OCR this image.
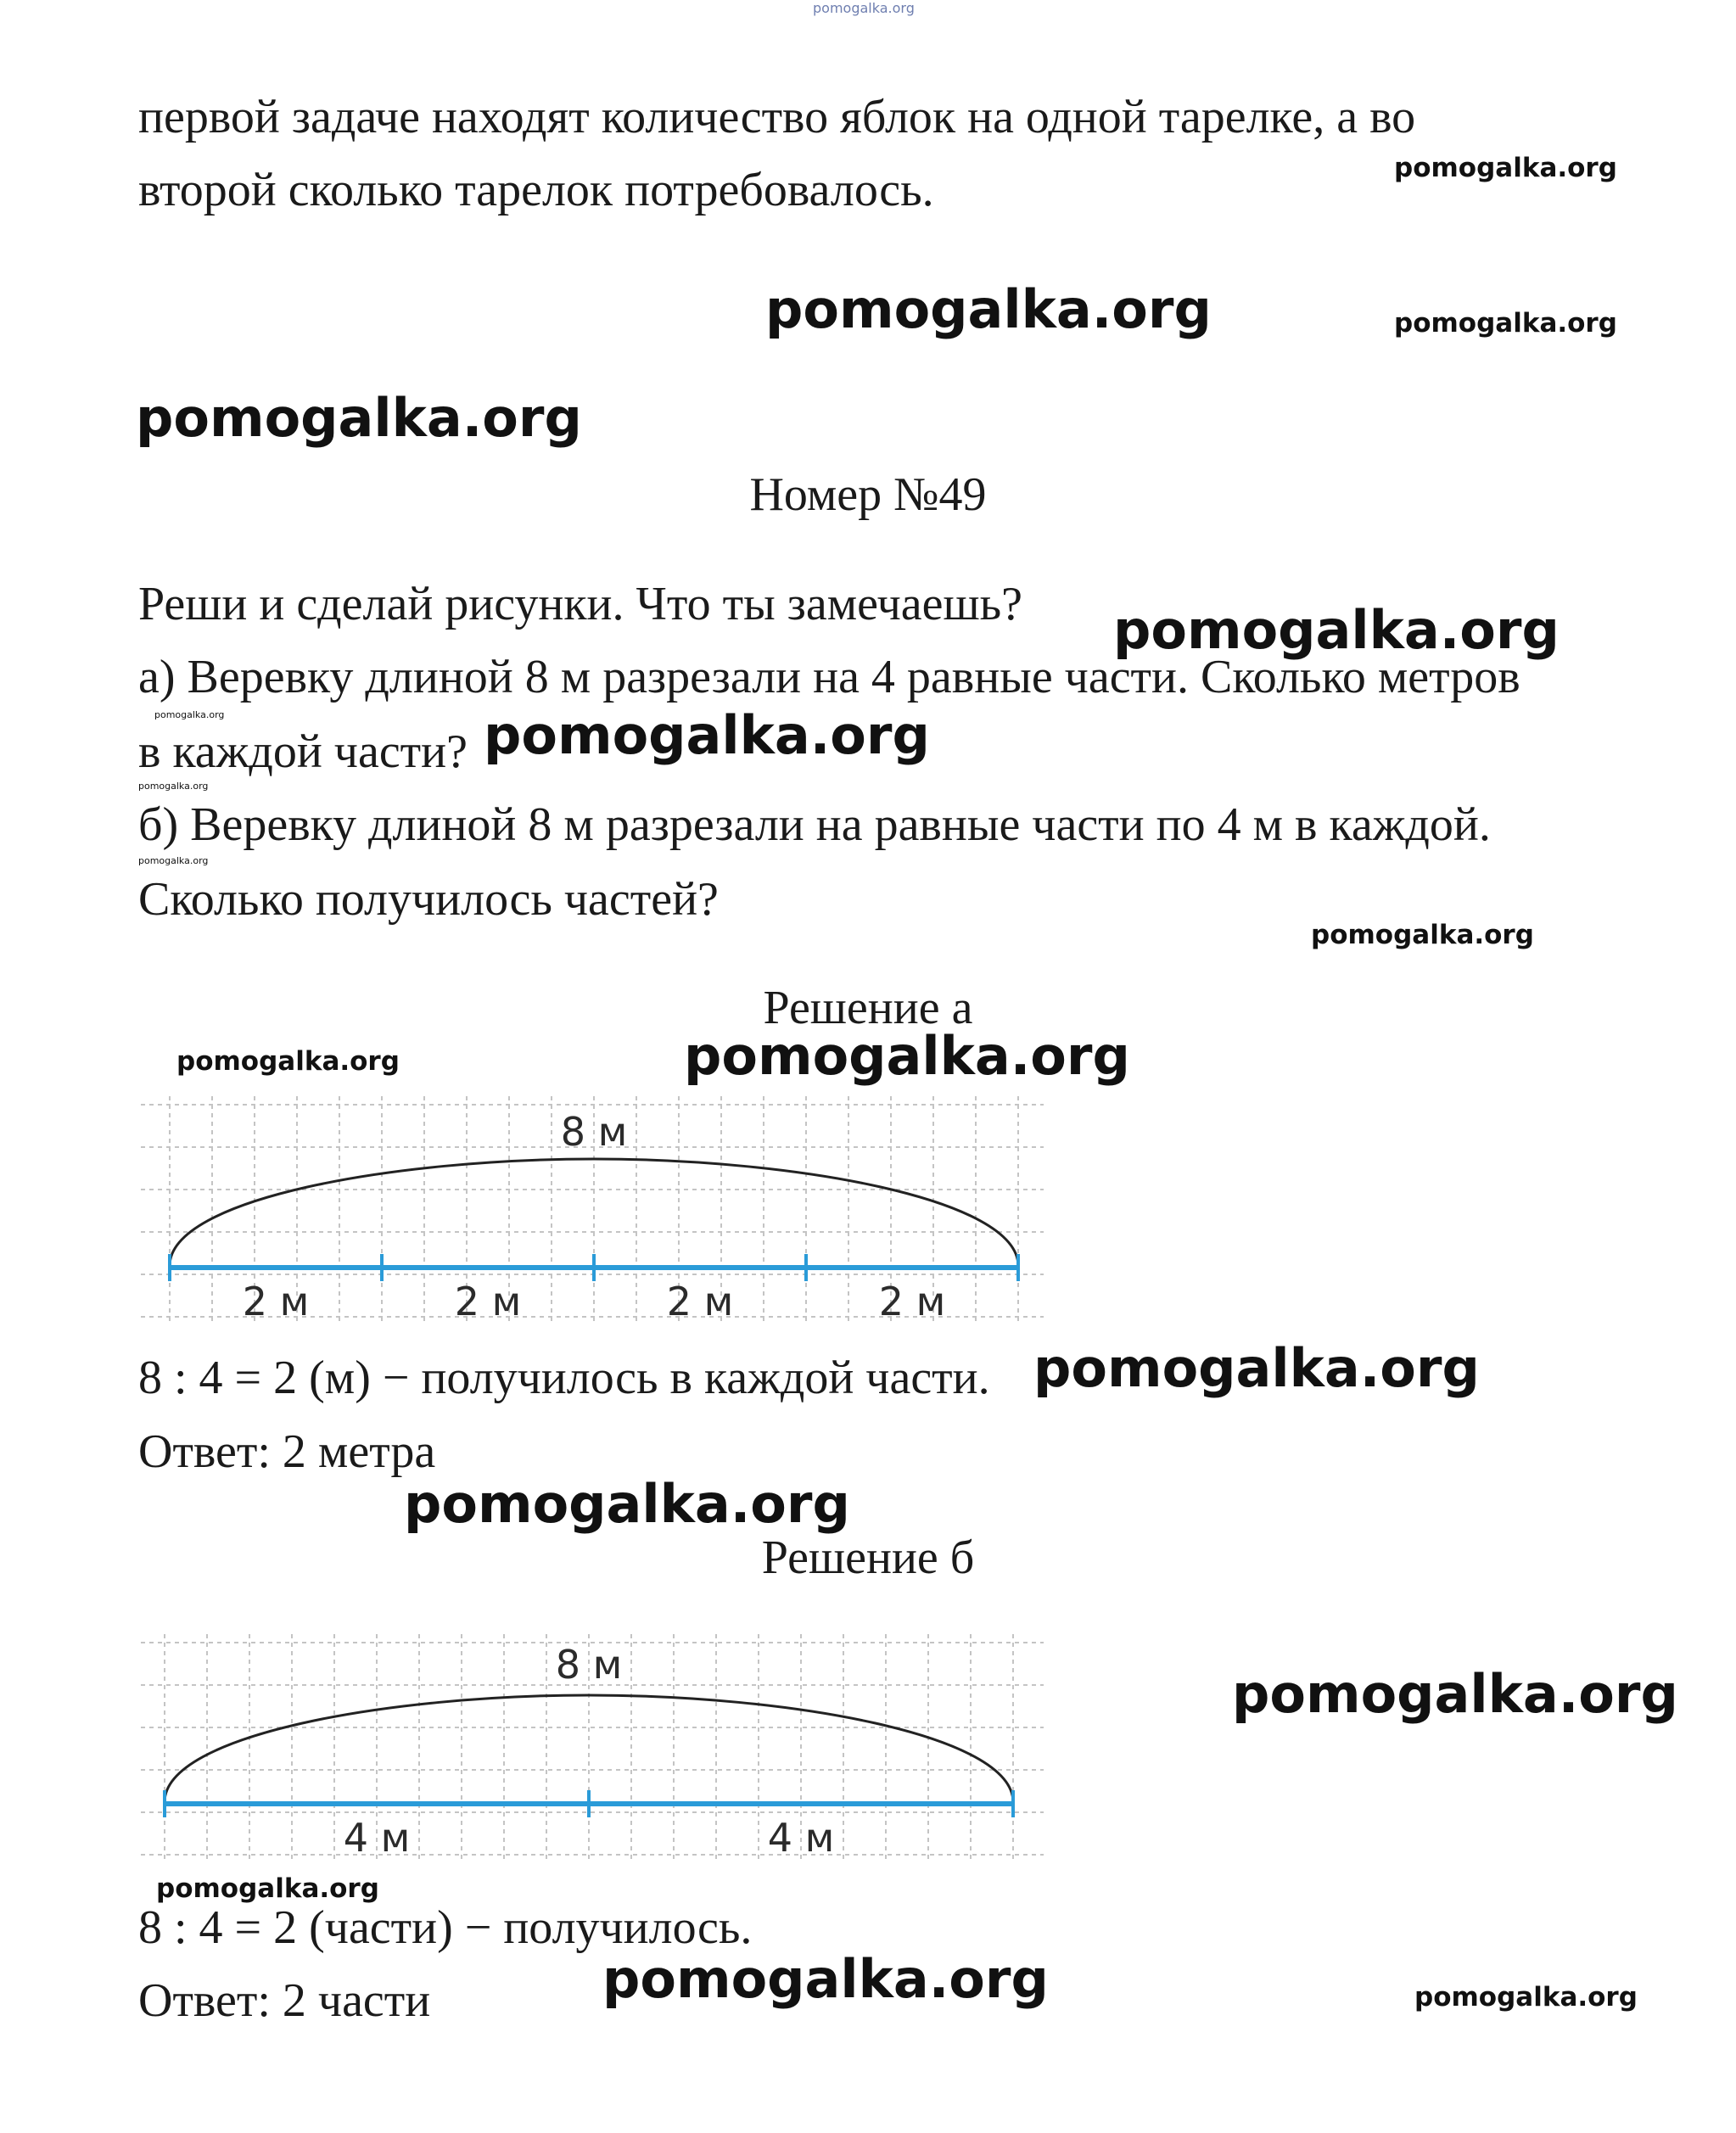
pomogalka.org
первой задаче находят количество яблок на одной тарелке, а во
второй сколько тарелок потребовалось.	pomogalka.org
pomogalka.org	pomogalka.org
pomogalka.org
Номер №49
Реши и сделай рисунки. Что ты замечаешь? pomogalka.org
а) Веревку длиной 8 м разрезали на 4 равные части. Сколько метров
pomogalka.org
в каждой части? pomogalka.org
pomogalka.org
б) Веревку длиной 8 м разрезали на равные части по 4 м в каждой.
pomogalka.org
Сколько получилось частей?
pomogalka.org
Решение а
pomogalka.org	pomogalka.org
8 м
2 м	2 м	2 м	2 м
8 : 4 = 2 (м) − получилось в каждой части. pomogalka.org
Ответ: 2 метра
pomogalka.org
Решение б
8 м
4 м	4 м
pomogalka.org
pomogalka.org
8 : 4 = 2 (части) − получилось.
pomogalka.org
Ответ: 2 части	pomogalka.org
